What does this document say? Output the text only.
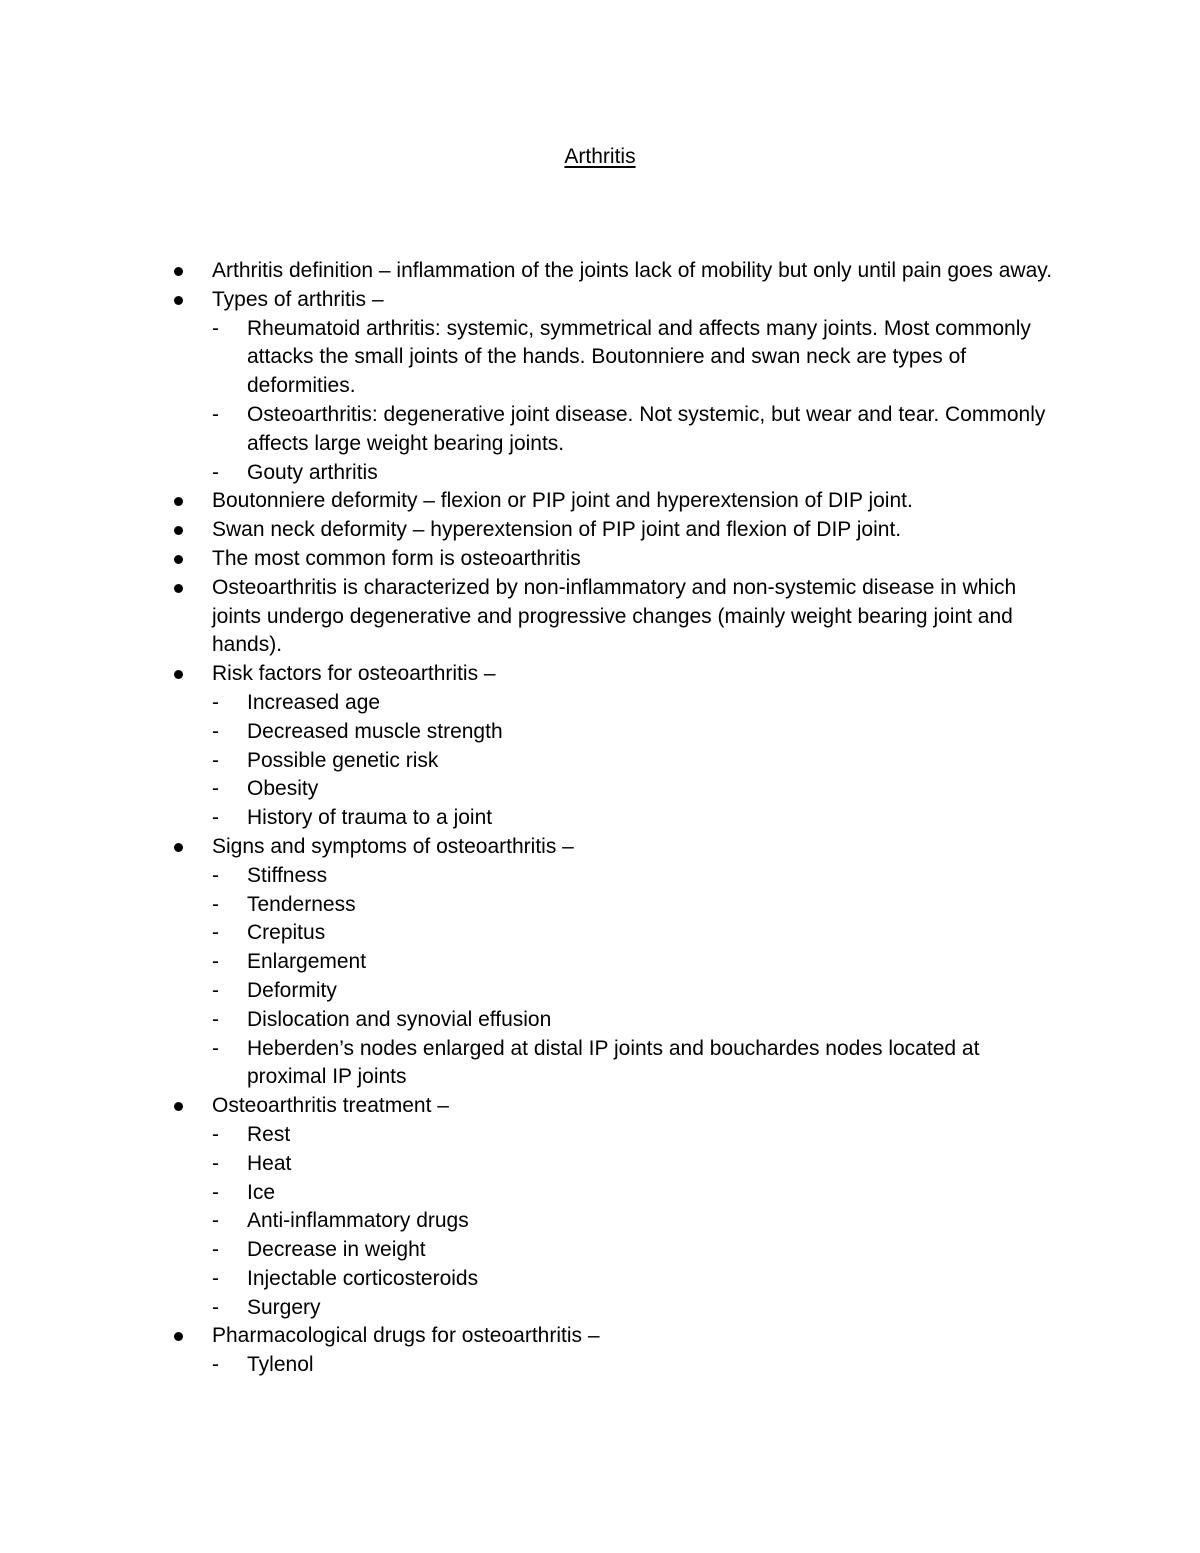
Arthritis
Arthritis definition – inflammation of the joints lack of mobility but only until pain goes away.
Types of arthritis –
- Rheumatoid arthritis: systemic, symmetrical and affects many joints. Most commonly attacks the small joints of the hands. Boutonniere and swan neck are types of deformities.
- Osteoarthritis: degenerative joint disease. Not systemic, but wear and tear. Commonly affects large weight bearing joints.
- Gouty arthritis
Boutonniere deformity – flexion or PIP joint and hyperextension of DIP joint.
Swan neck deformity – hyperextension of PIP joint and flexion of DIP joint.
The most common form is osteoarthritis
Osteoarthritis is characterized by non-inflammatory and non-systemic disease in which joints undergo degenerative and progressive changes (mainly weight bearing joint and hands).
Risk factors for osteoarthritis –
- Increased age
- Decreased muscle strength
- Possible genetic risk
- Obesity
- History of trauma to a joint
Signs and symptoms of osteoarthritis –
- Stiffness
- Tenderness
- Crepitus
- Enlargement
- Deformity
- Dislocation and synovial effusion
- Heberden’s nodes enlarged at distal IP joints and bouchardes nodes located at proximal IP joints
Osteoarthritis treatment –
- Rest
- Heat
- Ice
- Anti-inflammatory drugs
- Decrease in weight
- Injectable corticosteroids
- Surgery
Pharmacological drugs for osteoarthritis –
- Tylenol
